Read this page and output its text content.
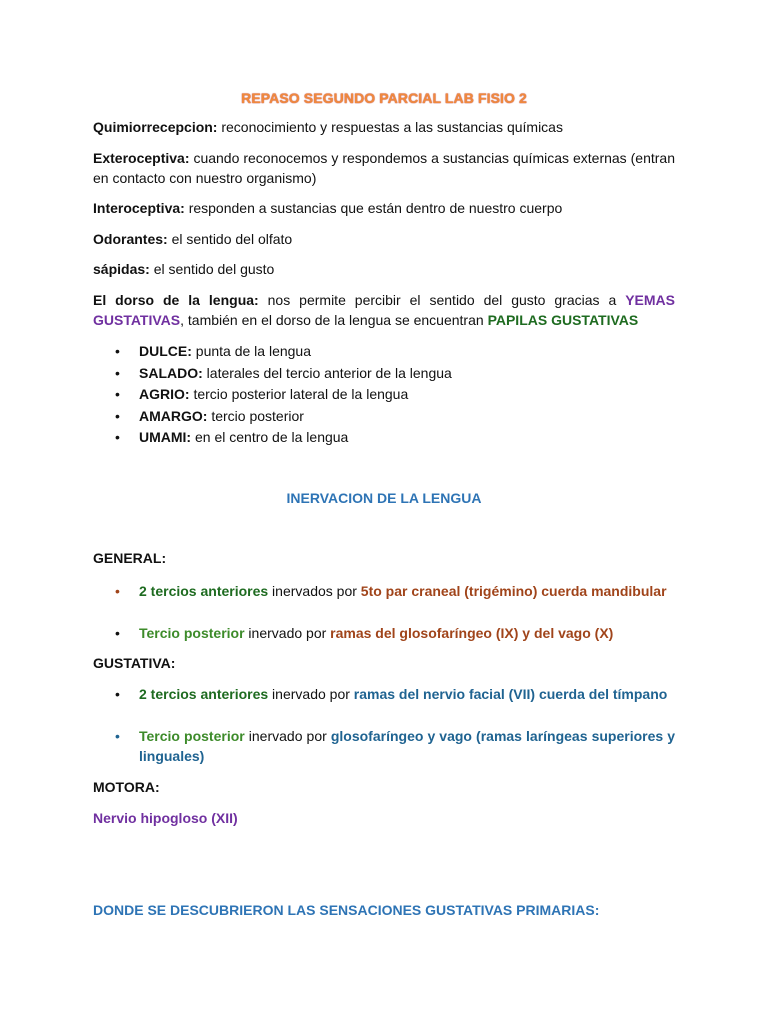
REPASO SEGUNDO PARCIAL LAB FISIO 2
Quimiorrecepcion: reconocimiento y respuestas a las sustancias químicas
Exteroceptiva: cuando reconocemos y respondemos a sustancias químicas externas (entran en contacto con nuestro organismo)
Interoceptiva: responden a sustancias que están dentro de nuestro cuerpo
Odorantes: el sentido del olfato
sápidas: el sentido del gusto
El dorso de la lengua: nos permite percibir el sentido del gusto gracias a YEMAS GUSTATIVAS, también en el dorso de la lengua se encuentran PAPILAS GUSTATIVAS
• DULCE: punta de la lengua
• SALADO: laterales del tercio anterior de la lengua
• AGRIO: tercio posterior lateral de la lengua
• AMARGO: tercio posterior
• UMAMI: en el centro de la lengua
INERVACION DE LA LENGUA
GENERAL:
• 2 tercios anteriores inervados por 5to par craneal (trigémino) cuerda mandibular
• Tercio posterior inervado por ramas del glosofaríngeo (IX) y del vago (X)
GUSTATIVA:
• 2 tercios anteriores inervado por ramas del nervio facial (VII) cuerda del tímpano
• Tercio posterior inervado por glosofaríngeo y vago (ramas laríngeas superiores y linguales)
MOTORA:
Nervio hipogloso (XII)
DONDE SE DESCUBRIERON LAS SENSACIONES GUSTATIVAS PRIMARIAS:
